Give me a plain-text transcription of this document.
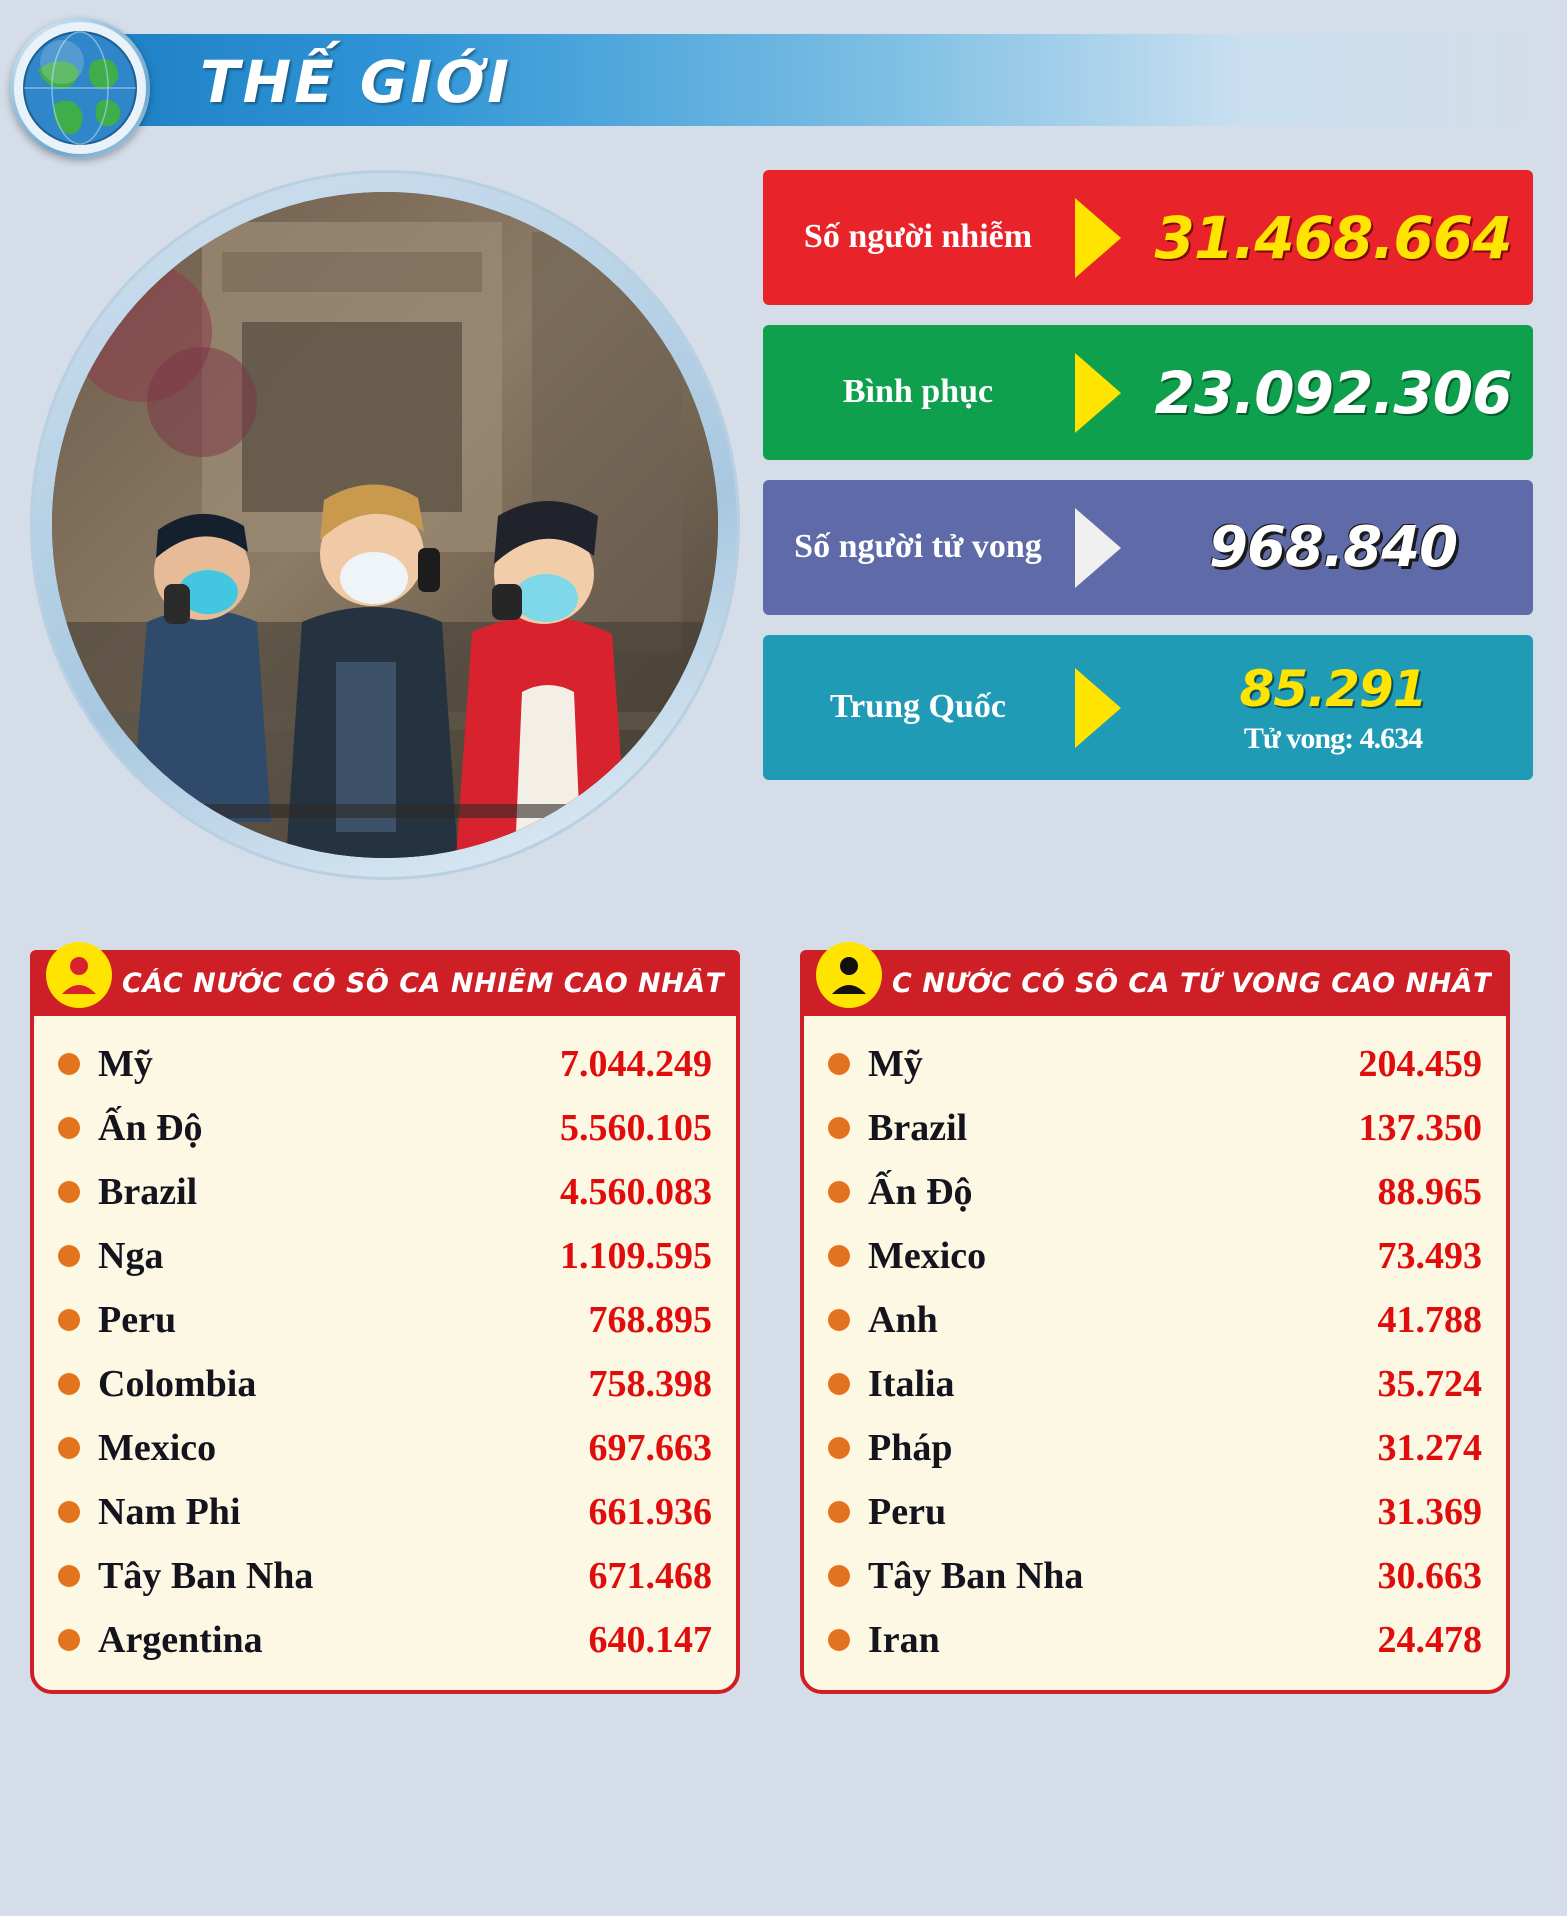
THẾ GIỚI
Số người nhiễm	31.468.664
Bình phục	23.092.306
Số người tử vong	968.840
Trung Quốc	85.291
Tử vong: 4.634
CÁC NƯỚC CÓ SỐ CA NHIỄM CAO NHẤT
Mỹ	7.044.249
Ấn Độ	5.560.105
Brazil	4.560.083
Nga	1.109.595
Peru	768.895
Colombia	758.398
Mexico	697.663
Nam Phi	661.936
Tây Ban Nha	671.468
Argentina	640.147
C NƯỚC CÓ SỐ CA TỬ VONG CAO NHẤT
Mỹ	204.459
Brazil	137.350
Ấn Độ	88.965
Mexico	73.493
Anh	41.788
Italia	35.724
Pháp	31.274
Peru	31.369
Tây Ban Nha	30.663
Iran	24.478
